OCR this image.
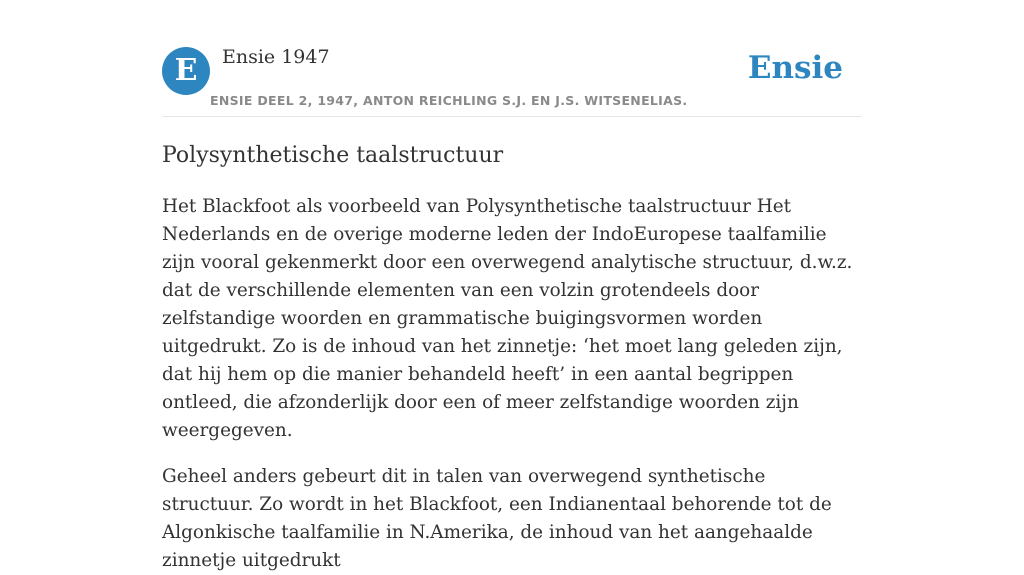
E	Ensie 1947
ENSIE DEEL 2, 1947, ANTON REICHLING S.J. EN J.S. WITSENELIAS.
Ensie
Polysynthetische taalstructuur

Het Blackfoot als voorbeeld van Polysynthetische taalstructuur Het Nederlands en de overige moderne leden der IndoEuropese taalfamilie zijn vooral gekenmerkt door een overwegend analytische structuur, d.w.z. dat de verschillende elementen van een volzin grotendeels door zelfstandige woorden en grammatische buigingsvormen worden uitgedrukt. Zo is de inhoud van het zinnetje: ‘het moet lang geleden zijn, dat hij hem op die manier behandeld heeft’ in een aantal begrippen ontleed, die afzonderlijk door een of meer zelfstandige woorden zijn weergegeven.

Geheel anders gebeurt dit in talen van overwegend synthetische structuur. Zo wordt in het Blackfoot, een Indianentaal behorende tot de Algonkische taalfamilie in N.Amerika, de inhoud van het aangehaalde zinnetje uitgedrukt
